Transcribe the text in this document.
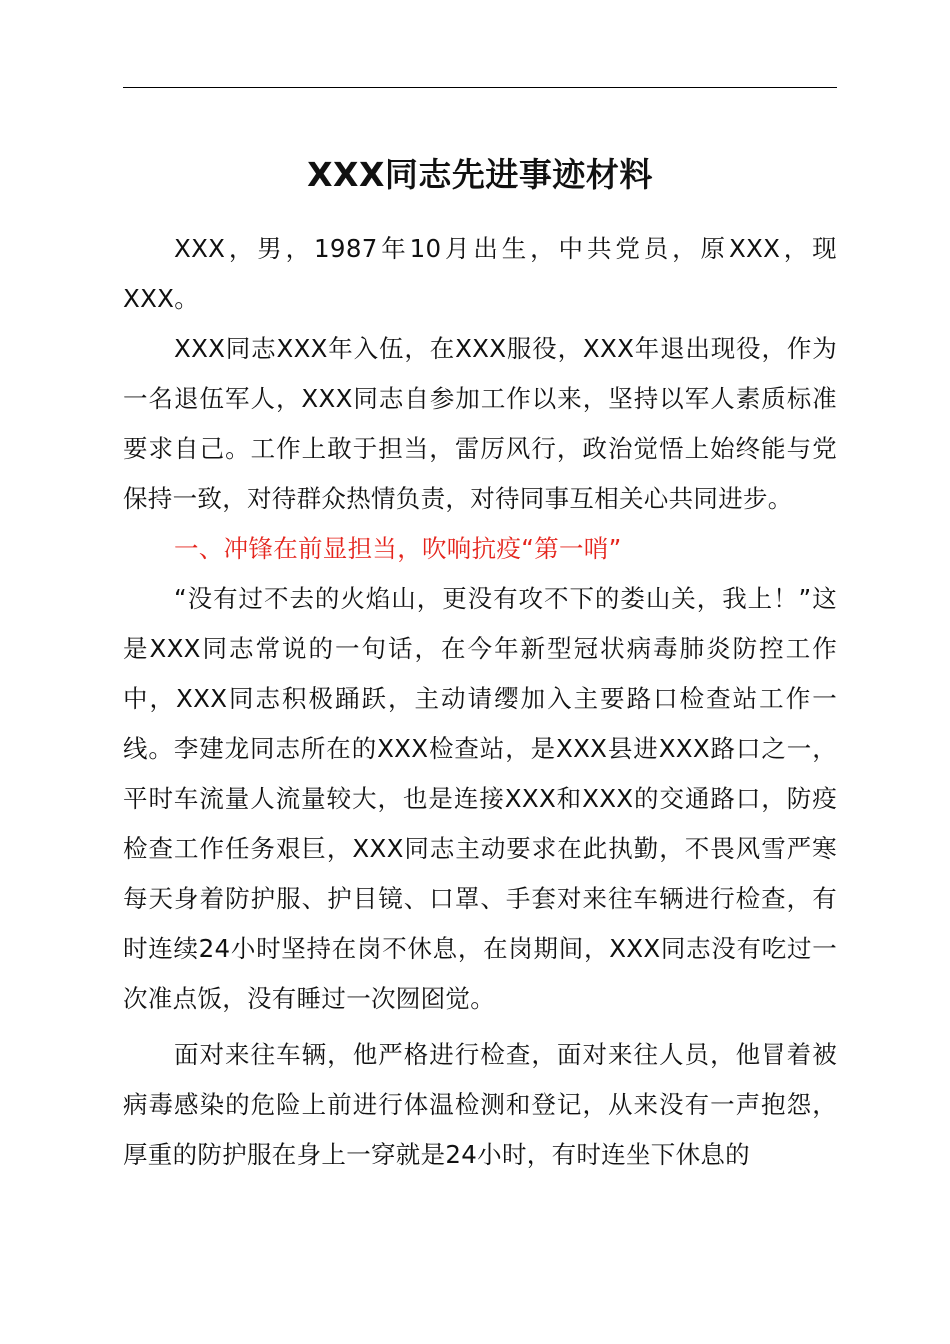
XXX同志先进事迹材料

XXX，男，1987年10月出生，中共党员，原XXX，现XXX。

XXX同志XXX年入伍，在XXX服役，XXX年退出现役，作为一名退伍军人，XXX同志自参加工作以来，坚持以军人素质标准要求自己。工作上敢于担当，雷厉风行，政治觉悟上始终能与党保持一致，对待群众热情负责，对待同事互相关心共同进步。

一、冲锋在前显担当，吹响抗疫“第一哨”

“没有过不去的火焰山，更没有攻不下的娄山关，我上！”这是XXX同志常说的一句话，在今年新型冠状病毒肺炎防控工作中，XXX同志积极踊跃，主动请缨加入主要路口检查站工作一线。李建龙同志所在的XXX检查站，是XXX县进XXX路口之一，平时车流量人流量较大，也是连接XXX和XXX的交通路口，防疫检查工作任务艰巨，XXX同志主动要求在此执勤，不畏风雪严寒每天身着防护服、护目镜、口罩、手套对来往车辆进行检查，有时连续24小时坚持在岗不休息，在岗期间，XXX同志没有吃过一次准点饭，没有睡过一次囫囵觉。

面对来往车辆，他严格进行检查，面对来往人员，他冒着被病毒感染的危险上前进行体温检测和登记，从来没有一声抱怨，厚重的防护服在身上一穿就是24小时，有时连坐下休息的
